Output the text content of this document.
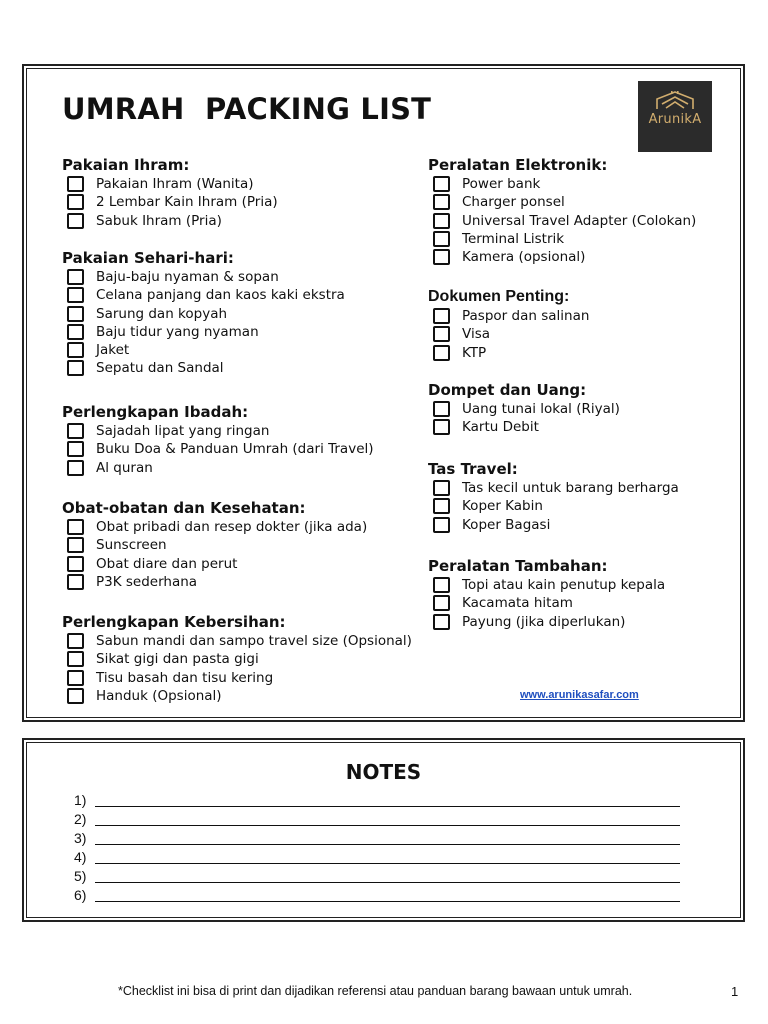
UMRAH  PACKING LIST	ArunikA
Pakaian Ihram:
Pakaian Ihram (Wanita)
2 Lembar Kain Ihram (Pria)
Sabuk Ihram (Pria)
Pakaian Sehari-hari:
Baju-baju nyaman & sopan
Celana panjang dan kaos kaki ekstra
Sarung dan kopyah
Baju tidur yang nyaman
Jaket
Sepatu dan Sandal
Perlengkapan Ibadah:
Sajadah lipat yang ringan
Buku Doa & Panduan Umrah (dari Travel)
Al quran
Obat-obatan dan Kesehatan:
Obat pribadi dan resep dokter (jika ada)
Sunscreen
Obat diare dan perut
P3K sederhana
Perlengkapan Kebersihan:
Sabun mandi dan sampo travel size (Opsional)
Sikat gigi dan pasta gigi
Tisu basah dan tisu kering
Handuk (Opsional)
Peralatan Elektronik:
Power bank
Charger ponsel
Universal Travel Adapter (Colokan)
Terminal Listrik
Kamera (opsional)
Dokumen Penting:
Paspor dan salinan
Visa
KTP
Dompet dan Uang:
Uang tunai lokal (Riyal)
Kartu Debit
Tas Travel:
Tas kecil untuk barang berharga
Koper Kabin
Koper Bagasi
Peralatan Tambahan:
Topi atau kain penutup kepala
Kacamata hitam
Payung (jika diperlukan)
www.arunikasafar.com
NOTES
1)
2)
3)
4)
5)
6)
*Checklist ini bisa di print dan dijadikan referensi atau panduan barang bawaan untuk umrah.	1
